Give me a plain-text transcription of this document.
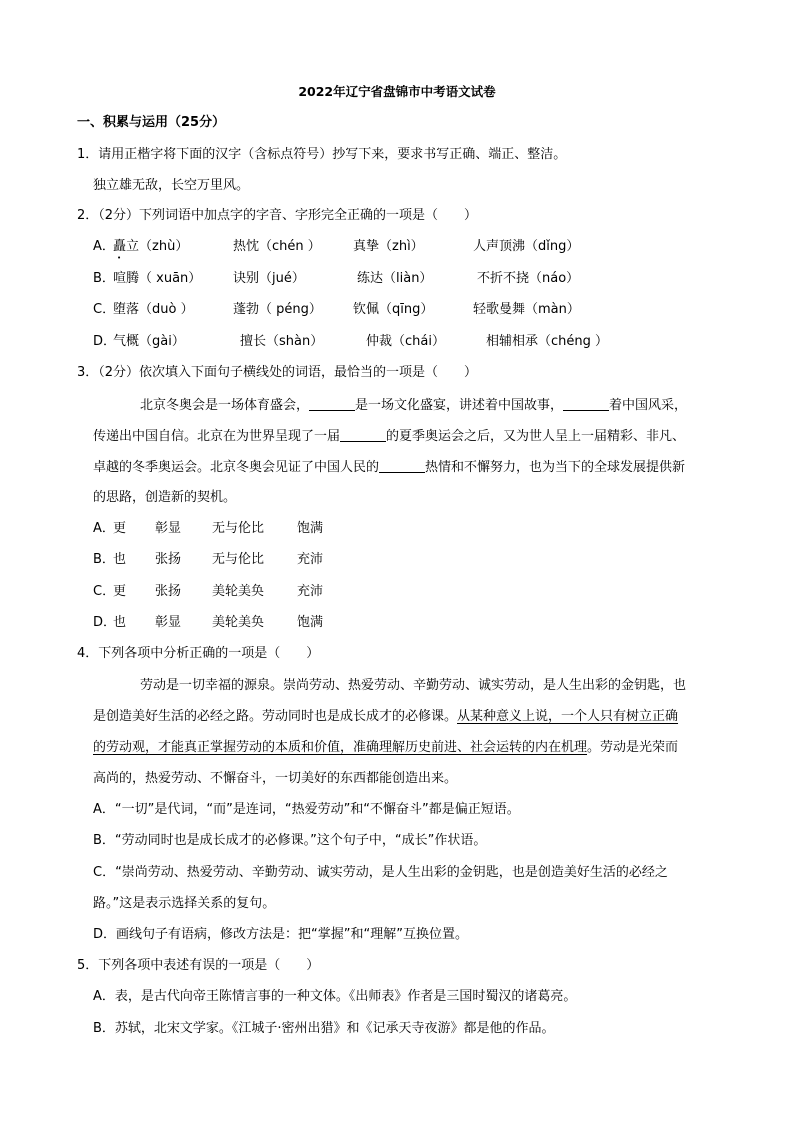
2022年辽宁省盘锦市中考语文试卷
一、积累与运用（25分）
1．请用正楷字将下面的汉字（含标点符号）抄写下来，要求书写正确、端正、整洁。
独立雄无敌，长空万里风。
2．（2分）下列词语中加点字的字音、字形完全正确的一项是（　　）
A．
矗立（zhù）	热忱（chén ） 真挚（zhì）	人声顶沸（dǐng）
B．
喧腾（ xuān） 诀别（jué）	练达（liàn）	不折不挠（náo）
C．
堕落（duò ）	蓬勃（ péng） 钦佩（qīng）	轻歌曼舞（màn）
D．
气概（gài）	擅长（shàn）	仲裁（chái）	相辅相承（chéng ）
3．（2分）依次填入下面句子横线处的词语，最恰当的一项是（　　）
北京冬奥会是一场体育盛会，	是一场文化盛宴，讲述着中国故事，	着中国风采，
传递出中国自信。北京在为世界呈现了一届	的夏季奥运会之后，又为世人呈上一届精彩、非凡、
卓越的冬季奥运会。北京冬奥会见证了中国人民的	热情和不懈努力，也为当下的全球发展提供新
的思路，创造新的契机。
A．
更 彰显 无与伦比	饱满
B．
也 张扬 无与伦比	充沛
C．
更 张扬 美轮美奂	充沛
D．
也 彰显 美轮美奂	饱满
4．下列各项中分析正确的一项是（　　）
劳动是一切幸福的源泉。崇尚劳动、热爱劳动、辛勤劳动、诚实劳动，是人生出彩的金钥匙，也
是创造美好生活的必经之路。劳动同时也是成长成才的必修课。从某种意义上说，一个人只有树立正确
的劳动观，才能真正掌握劳动的本质和价值，准确理解历史前进、社会运转的内在机理。劳动是光荣而
高尚的，热爱劳动、不懈奋斗，一切美好的东西都能创造出来。
A．“一切”是代词，“而”是连词，“热爱劳动”和“不懈奋斗”都是偏正短语。
B．“劳动同时也是成长成才的必修课。”这个句子中，“成长”作状语。
C．“崇尚劳动、热爱劳动、辛勤劳动、诚实劳动，是人生出彩的金钥匙，也是创造美好生活的必经之
路。”这是表示选择关系的复句。
D．画线句子有语病，修改方法是：把“掌握”和“理解”互换位置。
5．下列各项中表述有误的一项是（　　）
A．表，是古代向帝王陈情言事的一种文体。《出师表》作者是三国时蜀汉的诸葛亮。
B．苏轼，北宋文学家。《江城子·密州出猎》和《记承天寺夜游》都是他的作品。
